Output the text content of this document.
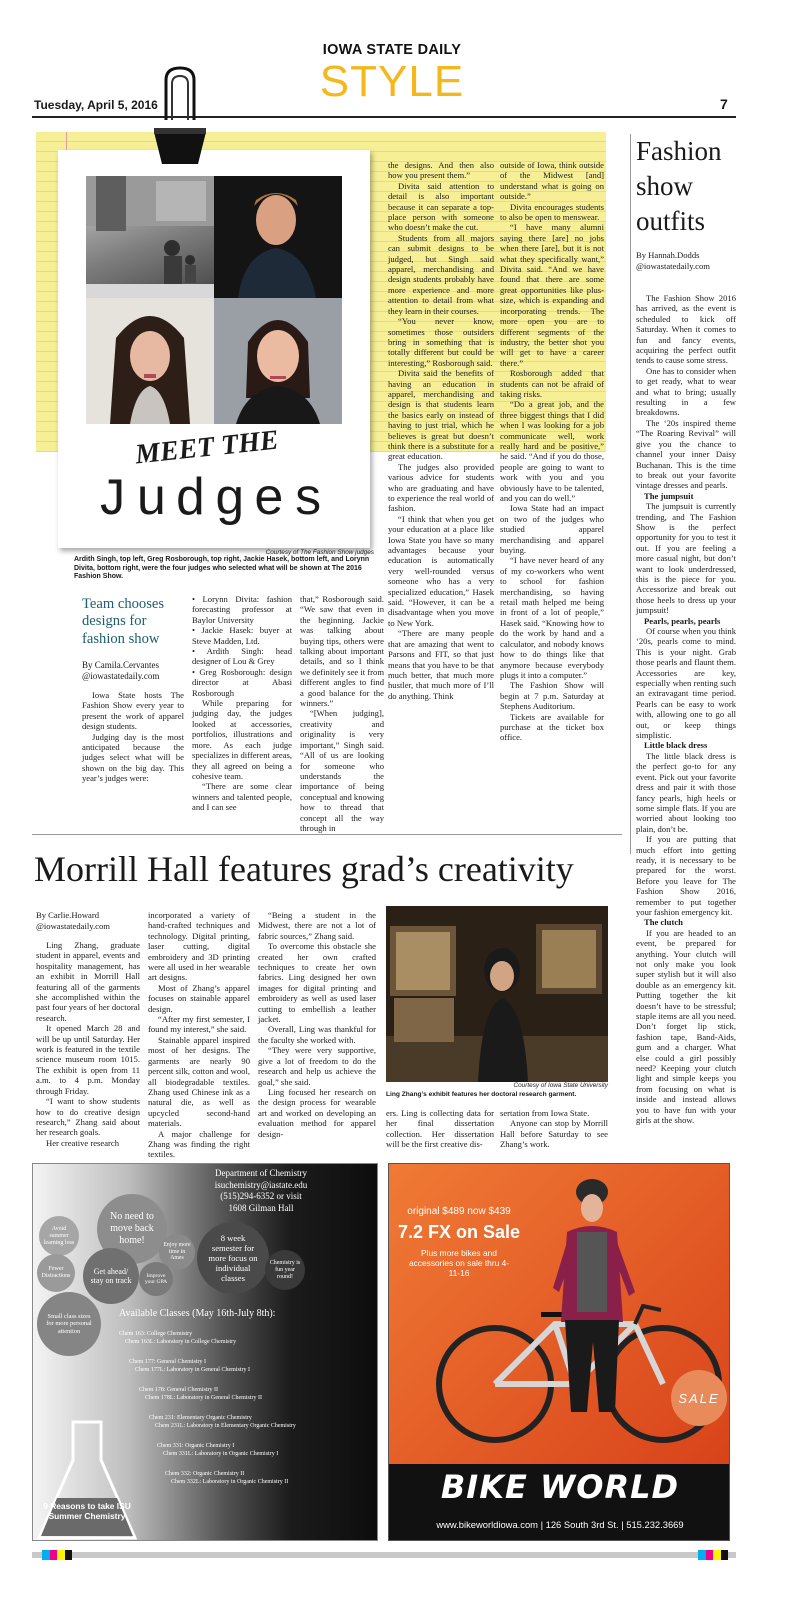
IOWA STATE DAILY
STYLE
Tuesday, April 5, 2016	7
MEET THE
Judges
Courtesy of The Fashion Show judges
Ardith Singh, top left, Greg Rosborough, top right, Jackie Hasek, bottom left, and Lorynn Divita, bottom right, were the four judges who selected what will be shown at The 2016 Fashion Show.
Team chooses designs for fashion show
By Camila.Cervantes
@iowastatedaily.com

Iowa State hosts The Fashion Show every year to present the work of apparel design students.

Judging day is the most anticipated because the judges select what will be shown on the big day. This year’s judges were:

• Lorynn Divita: fashion forecasting professor at Baylor University

• Jackie Hasek: buyer at Steve Madden, Ltd.

• Ardith Singh: head designer of Lou & Grey

• Greg Rosborough: design director at Abasi Rosborough

While preparing for judging day, the judges looked at accessories, portfolios, illustrations and more. As each judge specializes in different areas, they all agreed on being a cohesive team.

“There are some clear winners and talented people, and I can see

that,” Rosborough said. “We saw that even in the beginning. Jackie was talking about buying tips, others were talking about important details, and so I think we definitely see it from different angles to find a good balance for the winners.”

“[When judging], creativity and originality is very important,” Singh said. “All of us are looking for someone who understands the importance of being conceptual and knowing how to thread that concept all the way through in

the designs. And then also how you present them.”

Divita said attention to detail is also important because it can separate a top-place person with someone who doesn’t make the cut.

Students from all majors can submit designs to be judged, but Singh said apparel, merchandising and design students probably have more experience and more attention to detail from what they learn in their courses.

“You never know, sometimes those outsiders bring in something that is totally different but could be interesting,” Rosborough said.

Divita said the benefits of having an education in apparel, merchandising and design is that students learn the basics early on instead of having to just trial, which he believes is great but doesn’t think there is a substitute for a great education.

The judges also provided various advice for students who are graduating and have to experience the real world of fashion.

“I think that when you get your education at a place like Iowa State you have so many advantages because your education is automatically very well-rounded versus someone who has a very specialized education,” Hasek said. “However, it can be a disadvantage when you move to New York.

“There are many people that are amazing that went to Parsons and FIT, so that just means that you have to be that much better, that much more hustler, that much more of I’ll do anything. Think

outside of Iowa, think outside of the Midwest [and] understand what is going on outside.”

Divita encourages students to also be open to menswear.

“I have many alumni saying there [are] no jobs when there [are], but it is not what they specifically want,” Divita said. “And we have found that there are some great opportunities like plus-size, which is expanding and incorporating trends. The more open you are to different segments of the industry, the better shot you will get to have a career there.”

Rosborough added that students can not be afraid of taking risks.

“Do a great job, and the three biggest things that I did when I was looking for a job communicate well, work really hard and be positive,” he said. “And if you do those, people are going to want to work with you and you obviously have to be talented, and you can do well.”

Iowa State had an impact on two of the judges who studied apparel merchandising and apparel buying.

“I have never heard of any of my co-workers who went to school for fashion merchandising, so having retail math helped me being in front of a lot of people,” Hasek said. “Knowing how to do the work by hand and a calculator, and nobody knows how to do things like that anymore because everybody plugs it into a computer.”

The Fashion Show will begin at 7 p.m. Saturday at Stephens Auditorium.

Tickets are available for purchase at the ticket box office.

Fashion show outfits
By Hannah.Dodds
@iowastatedaily.com

The Fashion Show 2016 has arrived, as the event is scheduled to kick off Saturday. When it comes to fun and fancy events, acquiring the perfect outfit tends to cause some stress.

One has to consider when to get ready, what to wear and what to bring; usually resulting in a few breakdowns.

The ‘20s inspired theme “The Roaring Revival” will give you the chance to channel your inner Daisy Buchanan. This is the time to break out your favorite vintage dresses and pearls.

The jumpsuit

The jumpsuit is currently trending, and The Fashion Show is the perfect opportunity for you to test it out. If you are feeling a more casual night, but don’t want to look underdressed, this is the piece for you. Accessorize and break out those heels to dress up your jumpsuit!

Pearls, pearls, pearls

Of course when you think ‘20s, pearls come to mind. This is your night. Grab those pearls and flaunt them. Accessories are key, especially when renting such an extravagant time period. Pearls can be easy to work with, allowing one to go all out, or keep things simplistic.

Little black dress

The little black dress is the perfect go-to for any event. Pick out your favorite dress and pair it with those fancy pearls, high heels or some simple flats. If you are worried about looking too plain, don’t be.

If you are putting that much effort into getting ready, it is necessary to be prepared for the worst. Before you leave for The Fashion Show 2016, remember to put together your fashion emergency kit.

The clutch

If you are headed to an event, be prepared for anything. Your clutch will not only make you look super stylish but it will also double as an emergency kit. Putting together the kit doesn’t have to be stressful; staple items are all you need. Don’t forget lip stick, fashion tape, Band-Aids, gum and a charger. What else could a girl possibly need? Keeping your clutch light and simple keeps you from focusing on what is inside and instead allows you to have fun with your girls at the show.

Morrill Hall features grad’s creativity
By Carlie.Howard
@iowastatedaily.com

Ling Zhang, graduate student in apparel, events and hospitality management, has an exhibit in Morrill Hall featuring all of the garments she accomplished within the past four years of her doctoral research.

It opened March 28 and will be up until Saturday. Her work is featured in the textile science museum room 1015. The exhibit is open from 11 a.m. to 4 p.m. Monday through Friday.

“I want to show students how to do creative design research,” Zhang said about her research goals.

Her creative research

incorporated a variety of hand-crafted techniques and technology. Digital printing, laser cutting, digital embroidery and 3D printing were all used in her wearable art designs.

Most of Zhang’s apparel focuses on stainable apparel design.

“After my first semester, I found my interest,” she said.

Stainable apparel inspired most of her designs. The garments are nearly 90 percent silk, cotton and wool, all biodegradable textiles. Zhang used Chinese ink as a natural die, as well as upcycled second-hand materials.

A major challenge for Zhang was finding the right textiles.

“Being a student in the Midwest, there are not a lot of fabric sources,” Zhang said.

To overcome this obstacle she created her own crafted techniques to create her own fabrics. Ling designed her own images for digital printing and embroidery as well as used laser cutting to embellish a leather jacket.

Overall, Ling was thankful for the faculty she worked with.

“They were very supportive, give a lot of freedom to do the research and help us achieve the goal,” she said.

Ling focused her research on the design process for wearable art and worked on developing an evaluation method for apparel design-

Courtesy of Iowa State University
Ling Zhang’s exhibit features her doctoral research garment.

ers. Ling is collecting data for her final dissertation collection. Her dissertation will be the first creative dis-

sertation from Iowa State.

Anyone can stop by Morrill Hall before Saturday to see Zhang’s work.

Department of Chemistry
isuchemistry@iastate.edu
(515)294-6352 or visit
1608 Gilman Hall
No need to move back home!	8 week semester for more focus on individual classes
Avoid summer learning loss
Get ahead/ stay on track
Enjoy more time in Ames
Chemistry is fun year round!
Fewer Distractions	Improve your GPA
Small class sizes for more personal attention
Available Classes (May 16th-July 8th):
Chem 163: College Chemistry
Chem 163L: Laboratory in College Chemistry
Chem 177: General Chemistry I
Chem 177L: Laboratory in General Chemistry I
Chem 178: General Chemistry II
Chem 178L: Laboratory in General Chemistry II
Chem 231: Elementary Organic Chemistry
Chem 231L: Laboratory in Elementary Organic Chemistry
Chem 331: Organic Chemistry I
Chem 331L: Laboratory in Organic Chemistry I
Chem 332: Organic Chemistry II
Chem 332L: Laboratory in Organic Chemistry II
9 Reasons to take ISU Summer Chemistry
original $489 now $439
7.2 FX on Sale
Plus more bikes and accessories on sale thru 4-11-16
SALE
BIKE WORLD
www.bikeworldiowa.com | 126 South 3rd St. | 515.232.3669
